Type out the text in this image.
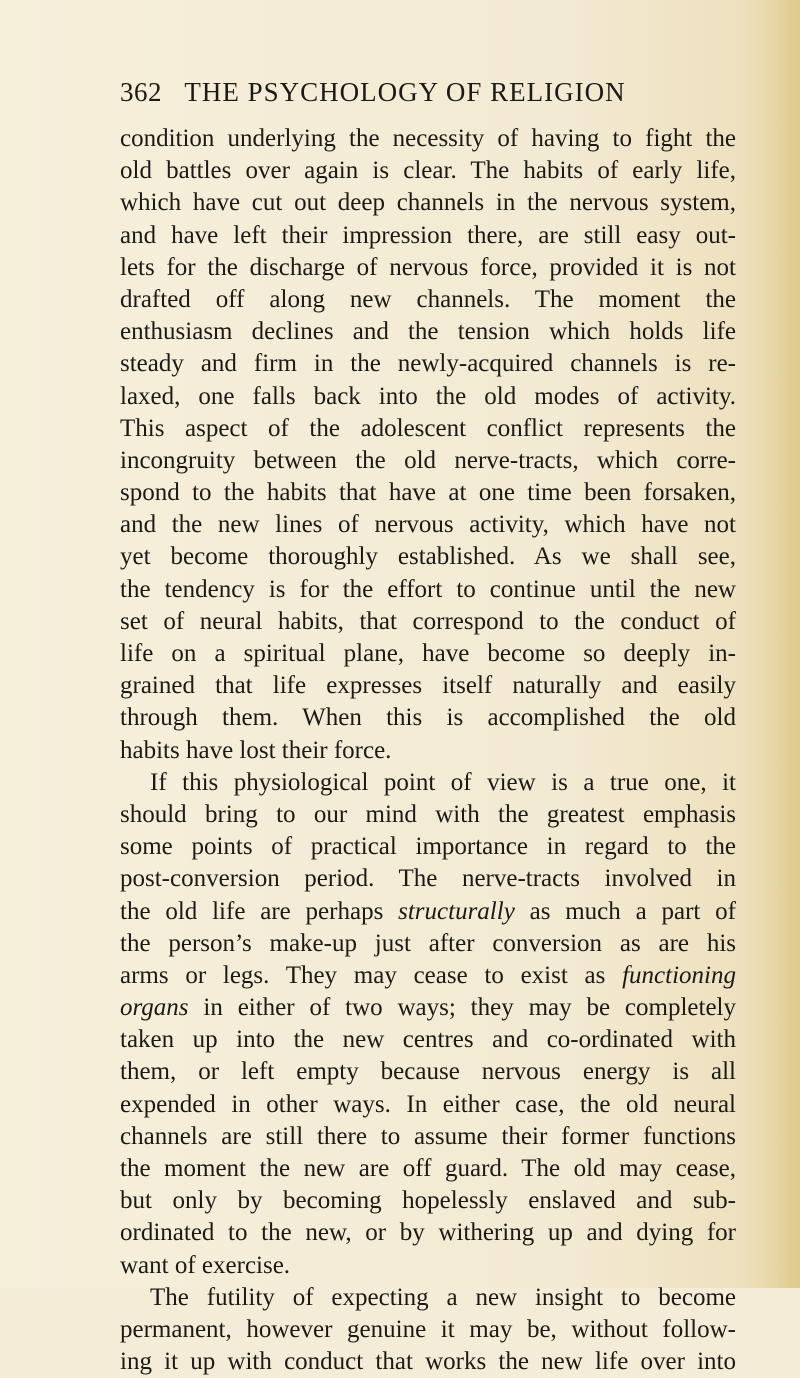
362 THE PSYCHOLOGY OF RELIGION
condition underlying the necessity of having to fight the
old battles over again is clear. The habits of early life,
which have cut out deep channels in the nervous system,
and have left their impression there, are still easy out-
lets for the discharge of nervous force, provided it is not
drafted off along new channels. The moment the
enthusiasm declines and the tension which holds life
steady and firm in the newly-acquired channels is re-
laxed, one falls back into the old modes of activity.
This aspect of the adolescent conflict represents the
incongruity between the old nerve-tracts, which corre-
spond to the habits that have at one time been forsaken,
and the new lines of nervous activity, which have not
yet become thoroughly established. As we shall see,
the tendency is for the effort to continue until the new
set of neural habits, that correspond to the conduct of
life on a spiritual plane, have become so deeply in-
grained that life expresses itself naturally and easily
through them. When this is accomplished the old
habits have lost their force.
If this physiological point of view is a true one, it
should bring to our mind with the greatest emphasis
some points of practical importance in regard to the
post-conversion period. The nerve-tracts involved in
the old life are perhaps structurally as much a part of
the person’s make-up just after conversion as are his
arms or legs. They may cease to exist as functioning
organs in either of two ways; they may be completely
taken up into the new centres and co-ordinated with
them, or left empty because nervous energy is all
expended in other ways. In either case, the old neural
channels are still there to assume their former functions
the moment the new are off guard. The old may cease,
but only by becoming hopelessly enslaved and sub-
ordinated to the new, or by withering up and dying for
want of exercise.
The futility of expecting a new insight to become
permanent, however genuine it may be, without follow-
ing it up with conduct that works the new life over into
